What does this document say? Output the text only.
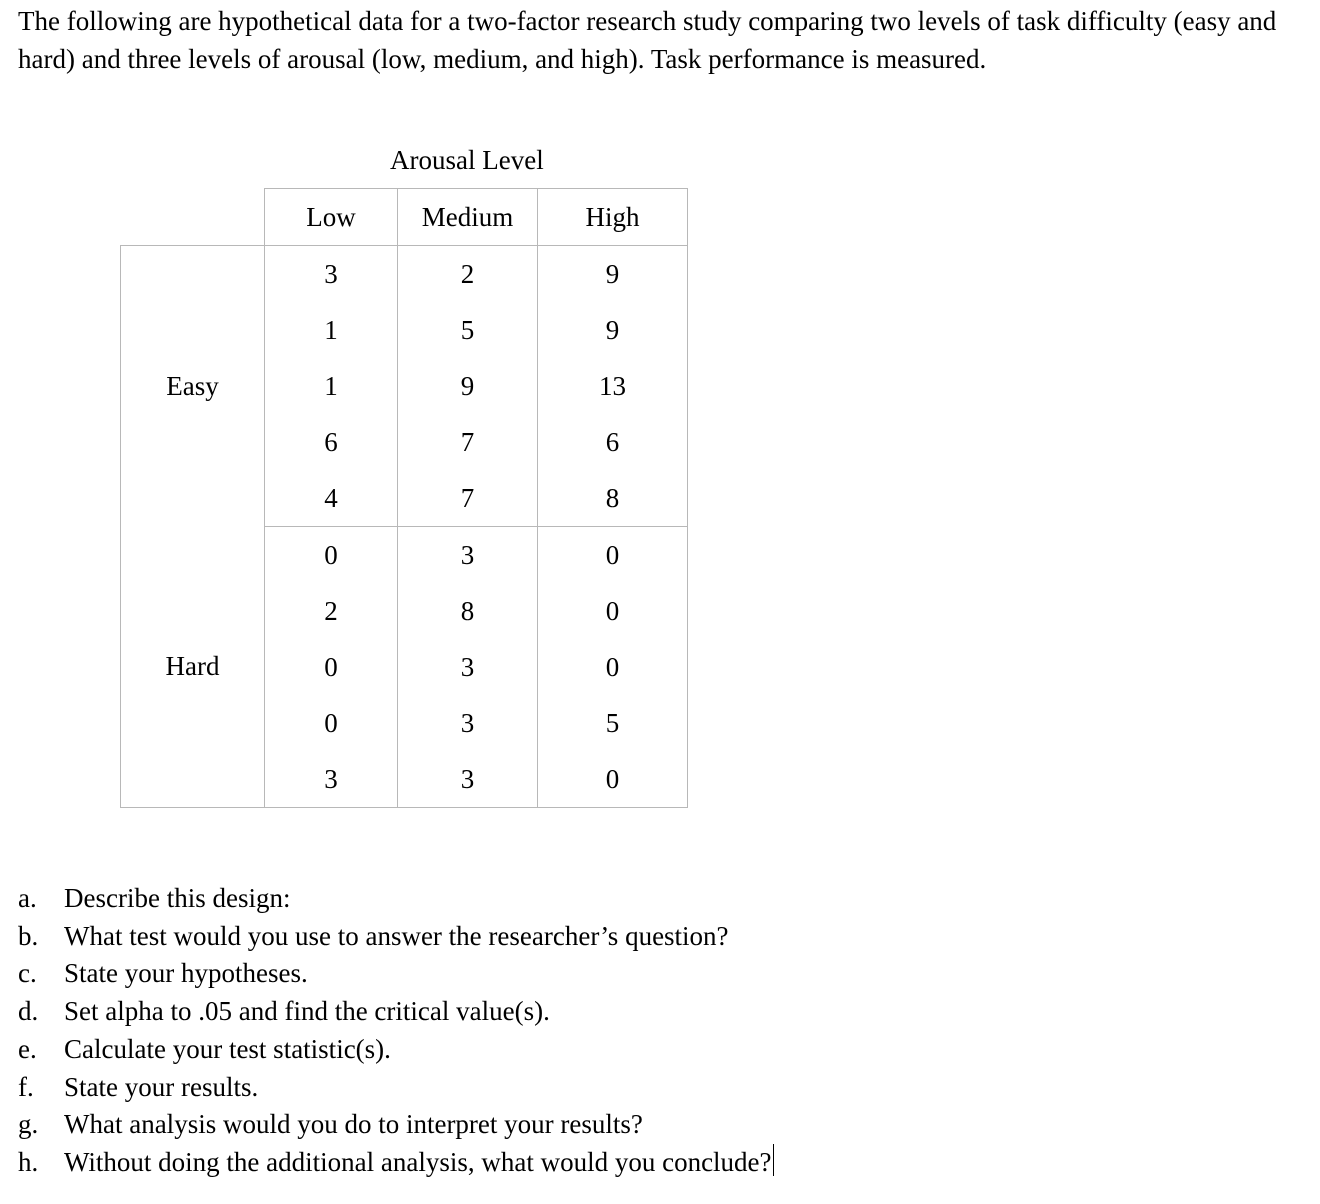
The following are hypothetical data for a two-factor research study comparing two levels of task difficulty (easy and hard) and three levels of arousal (low, medium, and high). Task performance is measured.

Arousal Level
	Low	Medium	High
Easy	3	2	9
	1	5	9
	1	9	13
	6	7	6
	4	7	8
Hard	0	3	0
	2	8	0
	0	3	0
	0	3	5
	3	3	0
a.	Describe this design:
b. What test would you use to answer the researcher’s question?
c.	State your hypotheses.
d. Set alpha to .05 and find the critical value(s).
e.	Calculate your test statistic(s).
f.	State your results.
g. What analysis would you do to interpret your results?
h. Without doing the additional analysis, what would you conclude?
